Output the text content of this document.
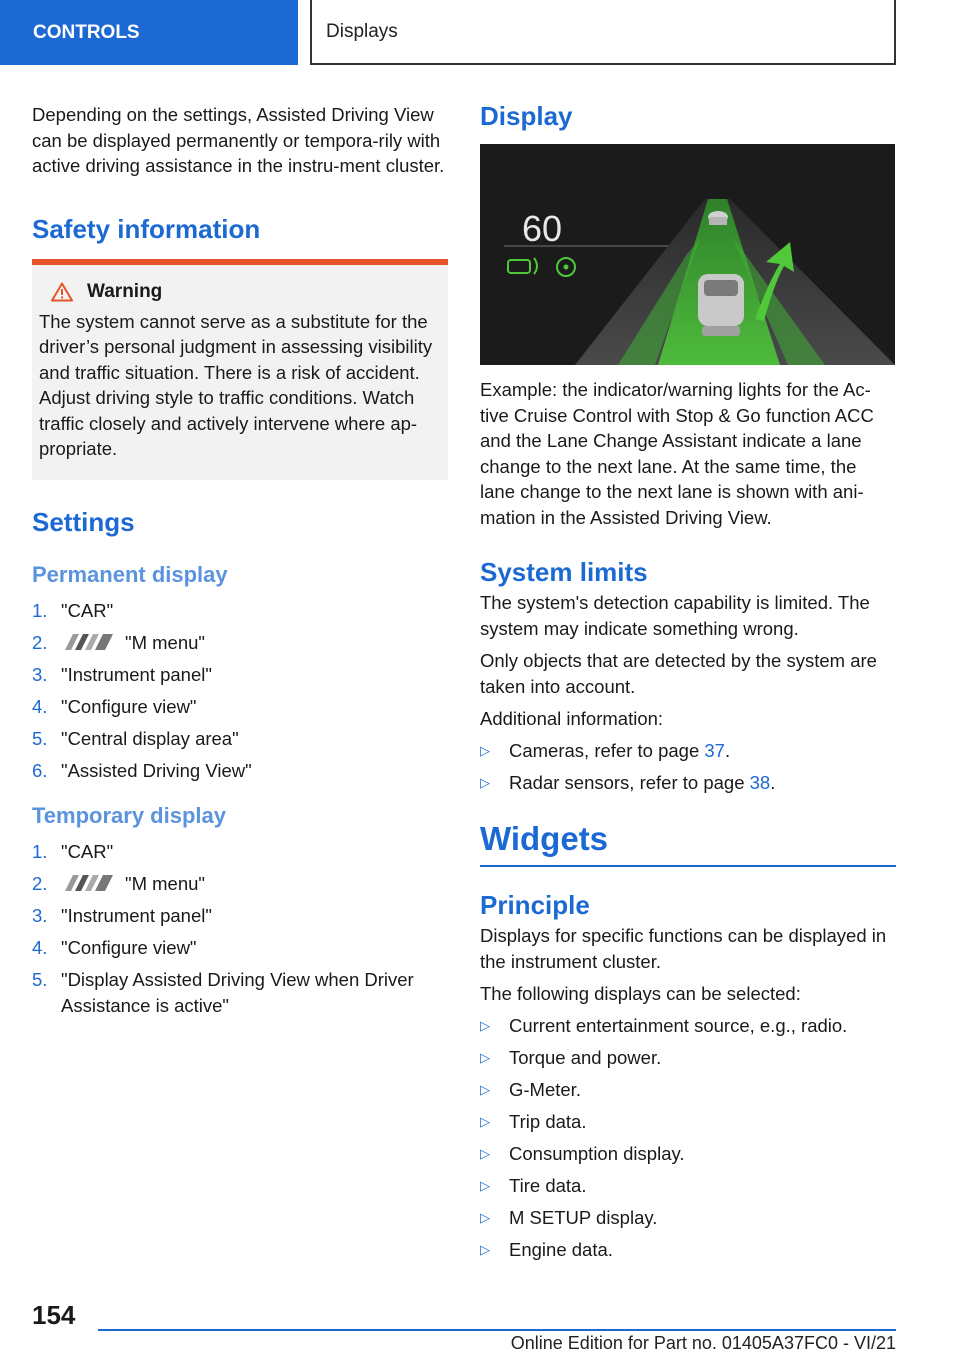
CONTROLS	Displays

Depending on the settings, Assisted Driving View can be displayed permanently or tempora-rily with active driving assistance in the instru-ment cluster.

Safety information
Warning

The system cannot serve as a substitute for the driver’s personal judgment in assessing visibility and traffic situation. There is a risk of accident. Adjust driving style to traffic conditions. Watch traffic closely and actively intervene where ap-propriate.

Settings
Permanent display
1. "CAR"
2.	"M menu"
3. "Instrument panel"
4. "Configure view"
5. "Central display area"
6. "Assisted Driving View"
Temporary display
1. "CAR"
2.	"M menu"
3. "Instrument panel"
4. "Configure view"
5. "Display Assisted Driving View when Driver Assistance is active"
Display
60

Example: the indicator/warning lights for the Ac-tive Cruise Control with Stop & Go function ACC and the Lane Change Assistant indicate a lane change to the next lane. At the same time, the lane change to the next lane is shown with ani-mation in the Assisted Driving View.

System limits

The system's detection capability is limited. The system may indicate something wrong.

Only objects that are detected by the system are taken into account.

Additional information:

▷	Cameras, refer to page 37.
▷	Radar sensors, refer to page 38.
Widgets
Principle

Displays for specific functions can be displayed in the instrument cluster.

The following displays can be selected:

▷	Current entertainment source, e.g., radio.
▷	Torque and power.
▷	G-Meter.
▷	Trip data.
▷	Consumption display.
▷	Tire data.
▷	M SETUP display.
▷	Engine data.
154
Online Edition for Part no. 01405A37FC0 - VI/21
